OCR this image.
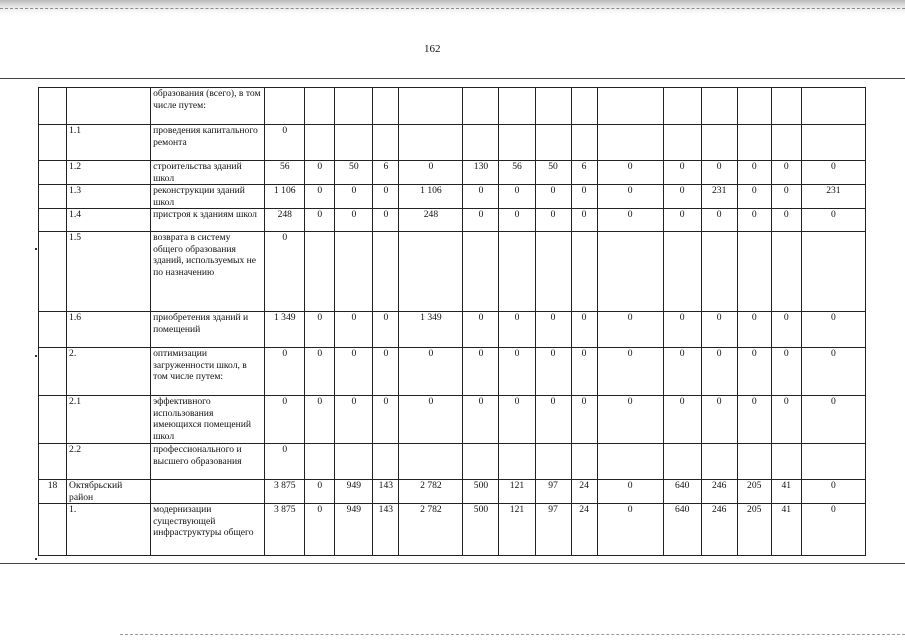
162
		образования (всего), в том числе путем:															
	1.1	проведения капитального ремонта	0														
	1.2	строительства зданий школ	56	0	50	6	0	130	56	50	6	0	0	0	0	0	0
	1.3	реконструкции зданий школ	1 106	0	0	0	1 106	0	0	0	0	0	0	231	0	0	231
	1.4	пристроя к зданиям школ	248	0	0	0	248	0	0	0	0	0	0	0	0	0	0
	1.5	возврата в систему общего образования зданий, используемых не по назначению	0														
	1.6	приобретения зданий и помещений	1 349	0	0	0	1 349	0	0	0	0	0	0	0	0	0	0
	2.	оптимизации загруженности школ, в том числе путем:	0	0	0	0	0	0	0	0	0	0	0	0	0	0	0
	2.1	эффективного использования имеющихся помещений школ	0	0	0	0	0	0	0	0	0	0	0	0	0	0	0
	2.2	профессионального и высшего образования	0														
18	Октябрьский район		3 875	0	949	143	2 782	500	121	97	24	0	640	246	205	41	0
	1.	модернизации существующей инфраструктуры общего	3 875	0	949	143	2 782	500	121	97	24	0	640	246	205	41	0
